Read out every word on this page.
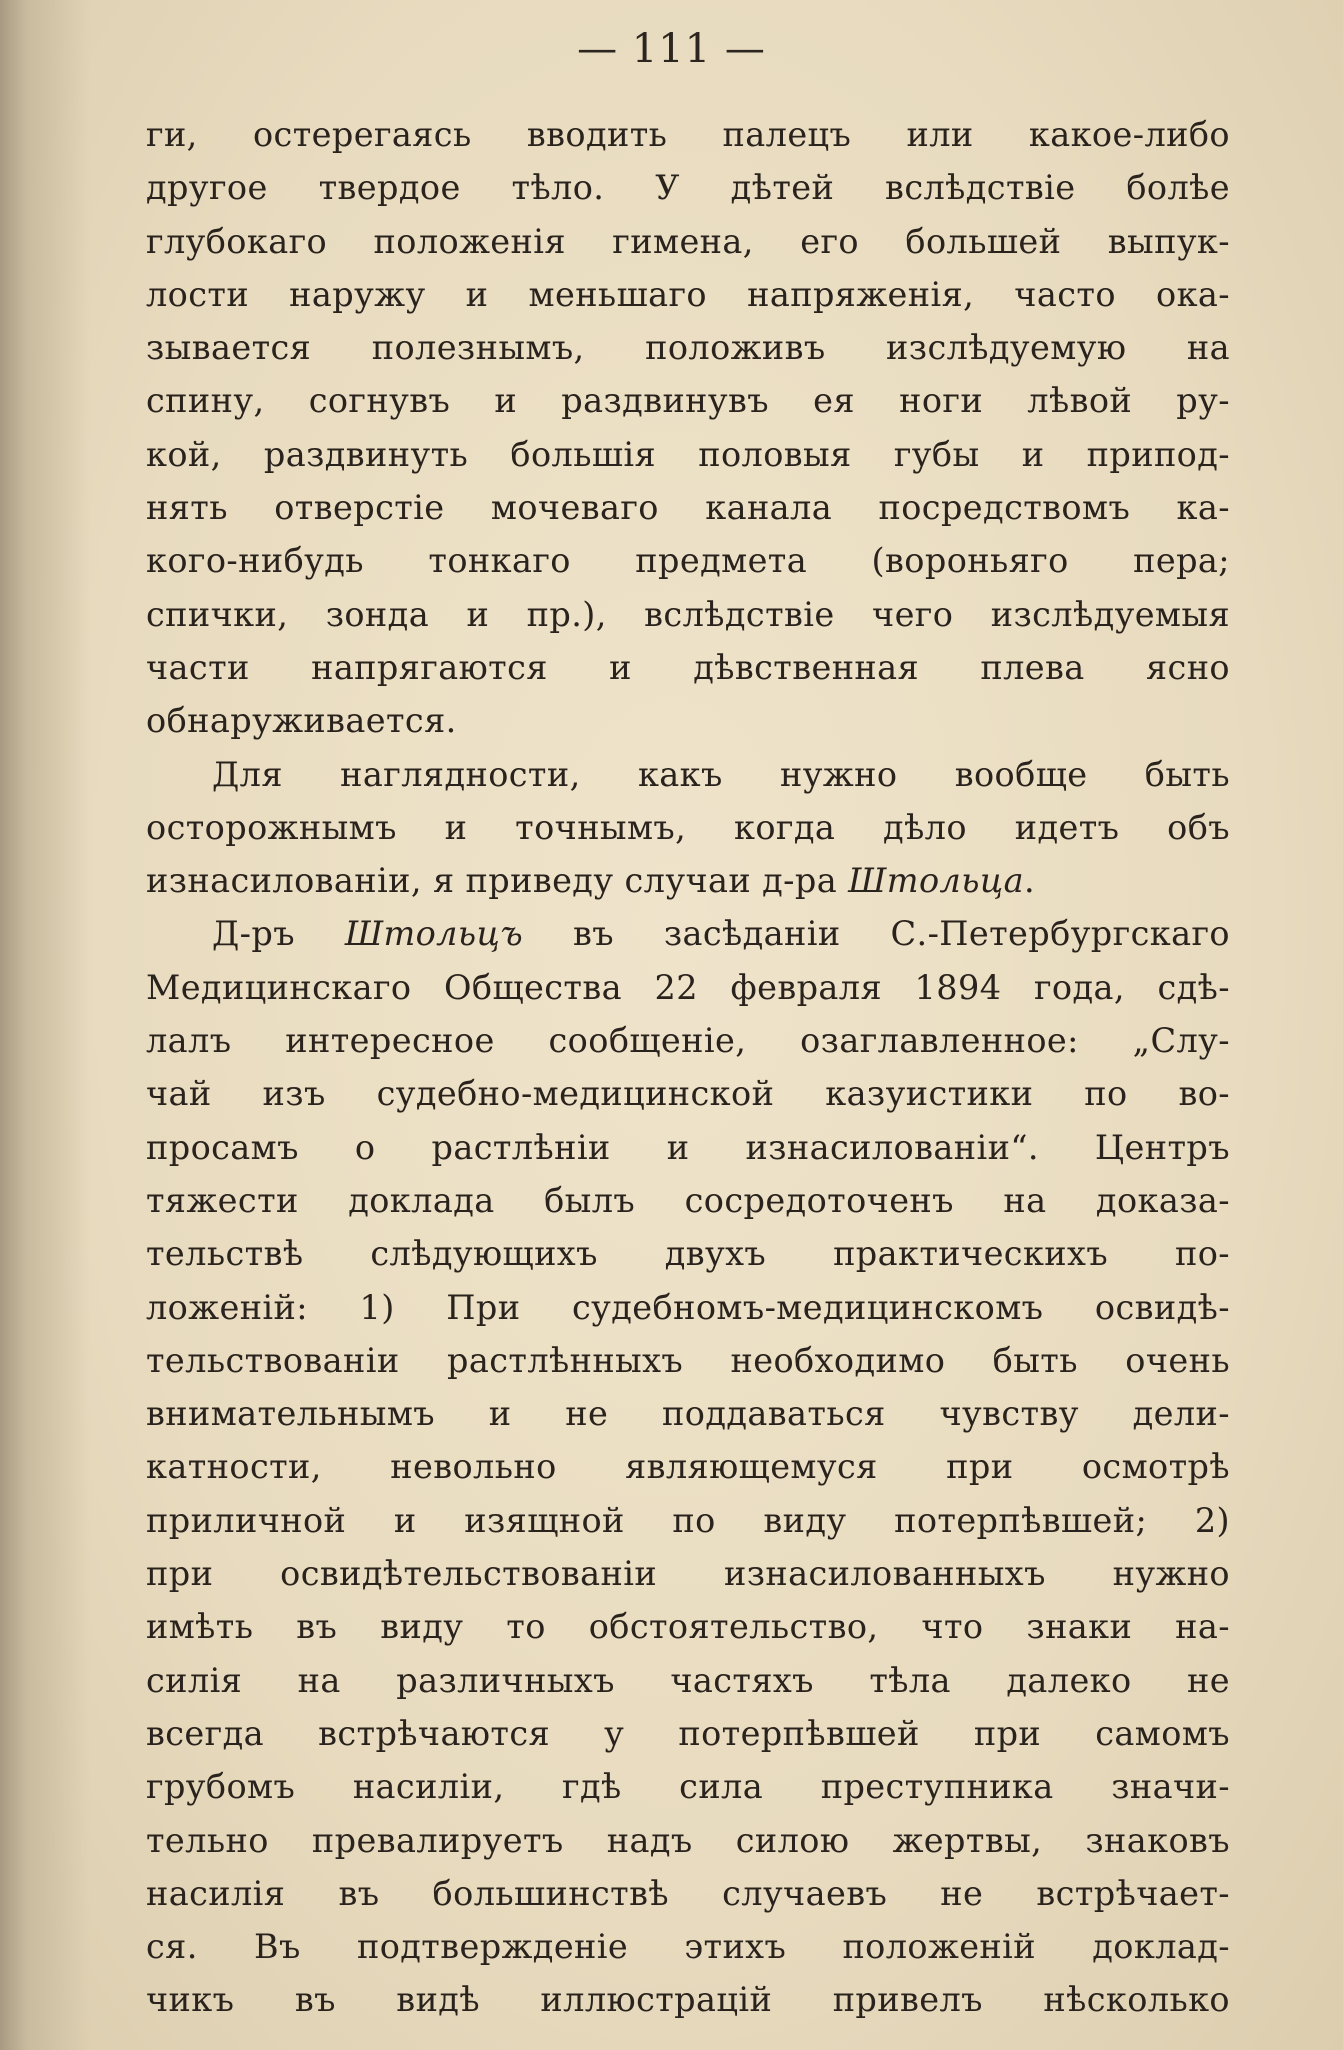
— 111 —
ги, остерегаясь вводить палецъ или какое-либо
другое твердое тѣло. У дѣтей вслѣдствіе болѣе
глубокаго положенія гимена, его большей выпук-
лости наружу и меньшаго напряженія, часто ока-
зывается полезнымъ, положивъ изслѣдуемую на
спину, согнувъ и раздвинувъ ея ноги лѣвой ру-
кой, раздвинуть большія половыя губы и припод-
нять отверстіе мочеваго канала посредствомъ ка-
кого-нибудь тонкаго предмета (вороньяго пера;
спички, зонда и пр.), вслѣдствіе чего изслѣдуемыя
части напрягаются и дѣвственная плева ясно
обнаруживается.
Для наглядности, какъ нужно вообще быть
осторожнымъ и точнымъ, когда дѣло идетъ объ
изнасилованіи, я приведу случаи д-ра Штольца.
Д-ръ Штольцъ въ засѣданіи С.-Петербургскаго
Медицинскаго Общества 22 февраля 1894 года, сдѣ-
лалъ интересное сообщеніе, озаглавленное: „Слу-
чай изъ судебно-медицинской казуистики по во-
просамъ о растлѣніи и изнасилованіи“. Центръ
тяжести доклада былъ сосредоточенъ на доказа-
тельствѣ слѣдующихъ двухъ практическихъ по-
ложеній: 1) При судебномъ-медицинскомъ освидѣ-
тельствованіи растлѣнныхъ необходимо быть очень
внимательнымъ и не поддаваться чувству дели-
катности, невольно являющемуся при осмотрѣ
приличной и изящной по виду потерпѣвшей; 2)
при освидѣтельствованіи изнасилованныхъ нужно
имѣть въ виду то обстоятельство, что знаки на-
силія на различныхъ частяхъ тѣла далеко не
всегда встрѣчаются у потерпѣвшей при самомъ
грубомъ насиліи, гдѣ сила преступника значи-
тельно превалируетъ надъ силою жертвы, знаковъ
насилія въ большинствѣ случаевъ не встрѣчает-
ся. Въ подтвержденіе этихъ положеній доклад-
чикъ въ видѣ иллюстрацій привелъ нѣсколько
